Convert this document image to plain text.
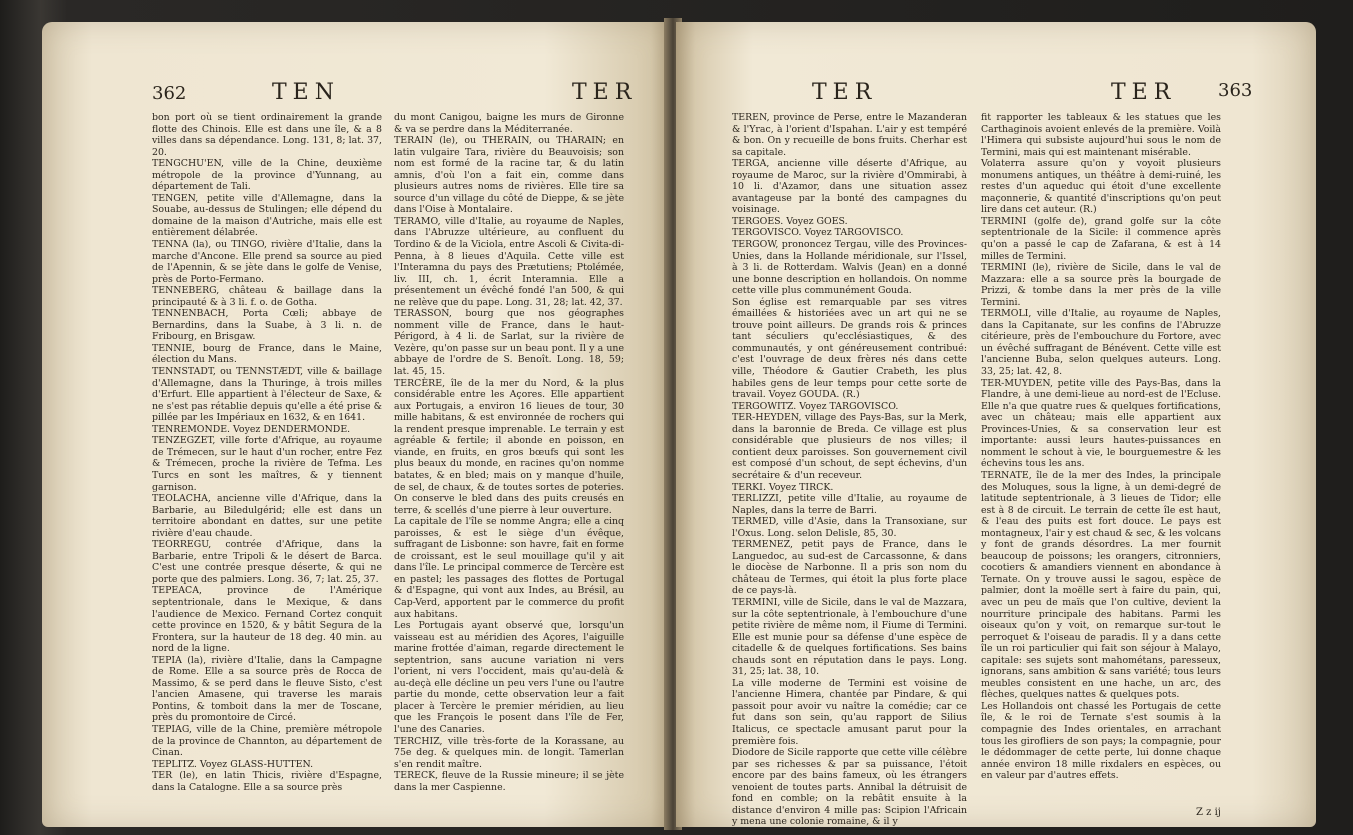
362	TEN	TER

bon port où se tient ordinairement la grande flotte des Chinois. Elle est dans une île, & a 8 villes dans sa dépendance. Long. 131, 8; lat. 37, 20.

TENGCHU'EN, ville de la Chine, deuxième métropole de la province d'Yunnang, au département de Tali.

TENGEN, petite ville d'Allemagne, dans la Souabe, au-dessus de Stulingen; elle dépend du domaine de la maison d'Autriche, mais elle est entièrement délabrée.

TENNA (la), ou TINGO, rivière d'Italie, dans la marche d'Ancone. Elle prend sa source au pied de l'Apennin, & se jète dans le golfe de Venise, près de Porto-Fermano.

TENNEBERG, château & baillage dans la principauté & à 3 li. f. o. de Gotha.

TENNENBACH, Porta Cœli; abbaye de Bernardins, dans la Suabe, à 3 li. n. de Fribourg, en Brisgaw.

TENNIE, bourg de France, dans le Maine, élection du Mans.

TENNSTADT, ou TENNSTÆDT, ville & baillage d'Allemagne, dans la Thuringe, à trois milles d'Erfurt. Elle appartient à l'électeur de Saxe, & ne s'est pas rétablie depuis qu'elle a été prise & pillée par les Impériaux en 1632, & en 1641.

TENREMONDE. Voyez DENDERMONDE.

TENZEGZET, ville forte d'Afrique, au royaume de Trémecen, sur le haut d'un rocher, entre Fez & Trémecen, proche la rivière de Tefma. Les Turcs en sont les maîtres, & y tiennent garnison.

TEOLACHA, ancienne ville d'Afrique, dans la Barbarie, au Biledulgérid; elle est dans un territoire abondant en dattes, sur une petite rivière d'eau chaude.

TEORREGU, contrée d'Afrique, dans la Barbarie, entre Tripoli & le désert de Barca. C'est une contrée presque déserte, & qui ne porte que des palmiers. Long. 36, 7; lat. 25, 37.

TEPEACA, province de l'Amérique septentrionale, dans le Mexique, & dans l'audience de Mexico. Fernand Cortez conquit cette province en 1520, & y bâtit Segura de la Frontera, sur la hauteur de 18 deg. 40 min. au nord de la ligne.

TEPIA (la), rivière d'Italie, dans la Campagne de Rome. Elle a sa source près de Rocca de Massimo, & se perd dans le fleuve Sisto, c'est l'ancien Amasene, qui traverse les marais Pontins, & tomboit dans la mer de Toscane, près du promontoire de Circé.

TEPIAG, ville de la Chine, première métropole de la province de Channton, au département de Cinan.

TEPLITZ. Voyez GLASS-HUTTEN.

TER (le), en latin Thicis, rivière d'Espagne, dans la Catalogne. Elle a sa source près

du mont Canigou, baigne les murs de Gironne & va se perdre dans la Méditerranée.

TERAIN (le), ou THERAIN, ou THARAIN; en latin vulgaire Tara, rivière du Beauvoisis; son nom est formé de la racine tar, & du latin amnis, d'où l'on a fait ein, comme dans plusieurs autres noms de rivières. Elle tire sa source d'un village du côté de Dieppe, & se jète dans l'Oise à Montalaire.

TERAMO, ville d'Italie, au royaume de Naples, dans l'Abruzze ultérieure, au confluent du Tordino & de la Viciola, entre Ascoli & Civita-di-Penna, à 8 lieues d'Aquila. Cette ville est l'Interamna du pays des Prætutiens; Ptolémée, liv. III, ch. 1, écrit Interamnia. Elle a présentement un évêché fondé l'an 500, & qui ne relève que du pape. Long. 31, 28; lat. 42, 37.

TERASSON, bourg que nos géographes nomment ville de France, dans le haut-Périgord, à 4 li. de Sarlat, sur la rivière de Vezère, qu'on passe sur un beau pont. Il y a une abbaye de l'ordre de S. Benoît. Long. 18, 59; lat. 45, 15.

TERCÈRE, île de la mer du Nord, & la plus considérable entre les Açores. Elle appartient aux Portugais, a environ 16 lieues de tour, 30 mille habitans, & est environnée de rochers qui la rendent presque imprenable. Le terrain y est agréable & fertile; il abonde en poisson, en viande, en fruits, en gros bœufs qui sont les plus beaux du monde, en racines qu'on nomme batates, & en bled; mais on y manque d'huile, de sel, de chaux, & de toutes sortes de poteries. On conserve le bled dans des puits creusés en terre, & scellés d'une pierre à leur ouverture.

La capitale de l'île se nomme Angra; elle a cinq paroisses, & est le siège d'un évêque, suffragant de Lisbonne: son havre, fait en forme de croissant, est le seul mouillage qu'il y ait dans l'île. Le principal commerce de Tercère est en pastel; les passages des flottes de Portugal & d'Espagne, qui vont aux Indes, au Brésil, au Cap-Verd, apportent par le commerce du profit aux habitans.

Les Portugais ayant observé que, lorsqu'un vaisseau est au méridien des Açores, l'aiguille marine frottée d'aiman, regarde directement le septentrion, sans aucune variation ni vers l'orient, ni vers l'occident, mais qu'au-delà & au-deçà elle décline un peu vers l'une ou l'autre partie du monde, cette observation leur a fait placer à Tercère le premier méridien, au lieu que les François le posent dans l'île de Fer, l'une des Canaries.

TERCHIZ, ville très-forte de la Korassane, au 75e deg. & quelques min. de longit. Tamerlan s'en rendit maître.

TERECK, fleuve de la Russie mineure; il se jète dans la mer Caspienne.

TER	TER 363

TEREN, province de Perse, entre le Mazanderan & l'Yrac, à l'orient d'Ispahan. L'air y est tempéré & bon. On y recueille de bons fruits. Cherhar est sa capitale.

TERGA, ancienne ville déserte d'Afrique, au royaume de Maroc, sur la rivière d'Ommirabi, à 10 li. d'Azamor, dans une situation assez avantageuse par la bonté des campagnes du voisinage.

TERGOES. Voyez GOES.

TERGOVISCO. Voyez TARGOVISCO.

TERGOW, prononcez Tergau, ville des Provinces-Unies, dans la Hollande méridionale, sur l'Issel, à 3 li. de Rotterdam. Walvis (Jean) en a donné une bonne description en hollandois. On nomme cette ville plus communément Gouda.

Son église est remarquable par ses vitres émaillées & historiées avec un art qui ne se trouve point ailleurs. De grands rois & princes tant séculiers qu'ecclésiastiques, & des communautés, y ont généreusement contribué: c'est l'ouvrage de deux frères nés dans cette ville, Théodore & Gautier Crabeth, les plus habiles gens de leur temps pour cette sorte de travail. Voyez GOUDA. (R.)

TERGOWITZ. Voyez TARGOVISCO.

TER-HEYDEN, village des Pays-Bas, sur la Merk, dans la baronnie de Breda. Ce village est plus considérable que plusieurs de nos villes; il contient deux paroisses. Son gouvernement civil est composé d'un schout, de sept échevins, d'un secrétaire & d'un receveur.

TERKI. Voyez TIRCK.

TERLIZZI, petite ville d'Italie, au royaume de Naples, dans la terre de Barri.

TERMED, ville d'Asie, dans la Transoxiane, sur l'Oxus. Long. selon Delisle, 85, 30.

TERMENEZ, petit pays de France, dans le Languedoc, au sud-est de Carcassonne, & dans le diocèse de Narbonne. Il a pris son nom du château de Termes, qui étoit la plus forte place de ce pays-là.

TERMINI, ville de Sicile, dans le val de Mazzara, sur la côte septentrionale, à l'embouchure d'une petite rivière de même nom, il Fiume di Termini. Elle est munie pour sa défense d'une espèce de citadelle & de quelques fortifications. Ses bains chauds sont en réputation dans le pays. Long. 31, 25; lat. 38, 10.

La ville moderne de Termini est voisine de l'ancienne Himera, chantée par Pindare, & qui passoit pour avoir vu naître la comédie; car ce fut dans son sein, qu'au rapport de Silius Italicus, ce spectacle amusant parut pour la première fois.

Diodore de Sicile rapporte que cette ville célèbre par ses richesses & par sa puissance, l'étoit encore par des bains fameux, où les étrangers venoient de toutes parts. Annibal la détruisit de fond en comble; on la rebâtit ensuite à la distance d'environ 4 mille pas: Scipion l'Africain y mena une colonie romaine, & il y

fit rapporter les tableaux & les statues que les Carthaginois avoient enlevés de la première. Voilà l'Himera qui subsiste aujourd'hui sous le nom de Termini, mais qui est maintenant misérable.

Volaterra assure qu'on y voyoit plusieurs monumens antiques, un théâtre à demi-ruiné, les restes d'un aqueduc qui étoit d'une excellente maçonnerie, & quantité d'inscriptions qu'on peut lire dans cet auteur. (R.)

TERMINI (golfe de), grand golfe sur la côte septentrionale de la Sicile: il commence après qu'on a passé le cap de Zafarana, & est à 14 milles de Termini.

TERMINI (le), rivière de Sicile, dans le val de Mazzara: elle a sa source près la bourgade de Prizzi, & tombe dans la mer près de la ville Termini.

TERMOLI, ville d'Italie, au royaume de Naples, dans la Capitanate, sur les confins de l'Abruzze citérieure, près de l'embouchure du Fortore, avec un évêché suffragant de Bénévent. Cette ville est l'ancienne Buba, selon quelques auteurs. Long. 33, 25; lat. 42, 8.

TER-MUYDEN, petite ville des Pays-Bas, dans la Flandre, à une demi-lieue au nord-est de l'Ecluse. Elle n'a que quatre rues & quelques fortifications, avec un château; mais elle appartient aux Provinces-Unies, & sa conservation leur est importante: aussi leurs hautes-puissances en nomment le schout à vie, le bourguemestre & les échevins tous les ans.

TERNATE, île de la mer des Indes, la principale des Moluques, sous la ligne, à un demi-degré de latitude septentrionale, à 3 lieues de Tidor; elle est à 8 de circuit. Le terrain de cette île est haut, & l'eau des puits est fort douce. Le pays est montagneux, l'air y est chaud & sec, & les volcans y font de grands désordres. La mer fournit beaucoup de poissons; les orangers, citronniers, cocotiers & amandiers viennent en abondance à Ternate. On y trouve aussi le sagou, espèce de palmier, dont la moëlle sert à faire du pain, qui, avec un peu de maïs que l'on cultive, devient la nourriture principale des habitans. Parmi les oiseaux qu'on y voit, on remarque sur-tout le perroquet & l'oiseau de paradis. Il y a dans cette île un roi particulier qui fait son séjour à Malayo, capitale: ses sujets sont mahométans, paresseux, ignorans, sans ambition & sans variété; tous leurs meubles consistent en une hache, un arc, des flèches, quelques nattes & quelques pots.

Les Hollandois ont chassé les Portugais de cette île, & le roi de Ternate s'est soumis à la compagnie des Indes orientales, en arrachant tous les girofliers de son pays; la compagnie, pour le dédommager de cette perte, lui donne chaque année environ 18 mille rixdalers en espèces, ou en valeur par d'autres effets.

Z z ij
